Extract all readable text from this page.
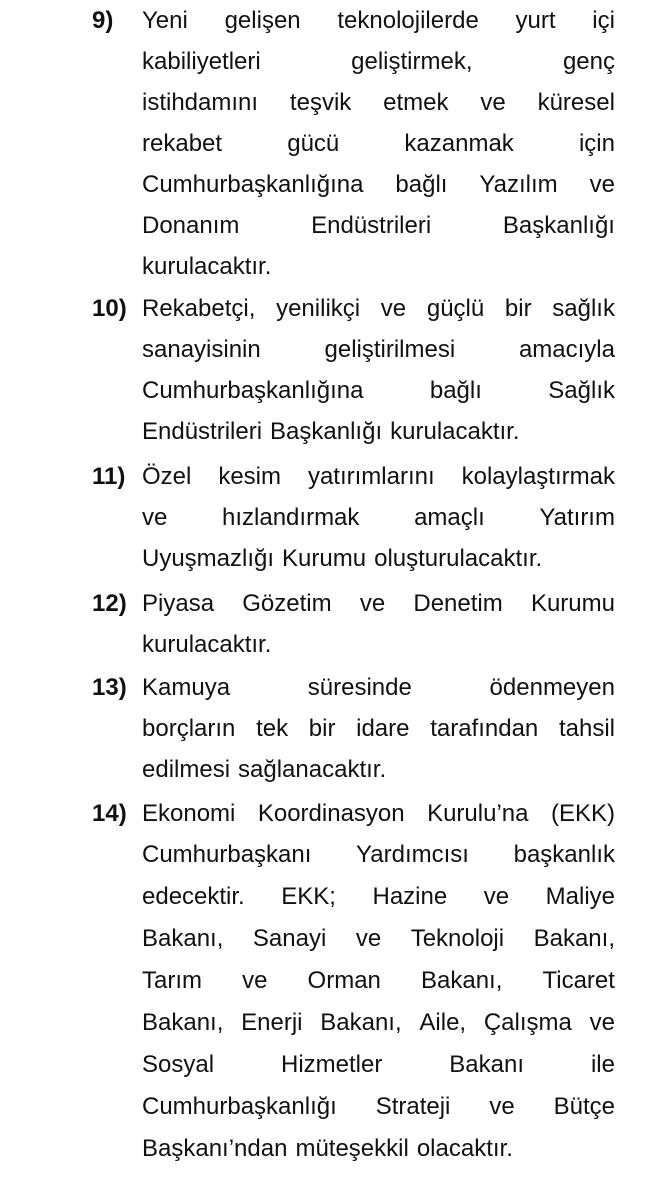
9)	Yeni gelişen teknolojilerde yurt içi
kabiliyetleri	geliştirmek,	genç
istihdamını teşvik etmek ve küresel
rekabet	gücü	kazanmak	için
Cumhurbaşkanlığına bağlı Yazılım ve
Donanım	Endüstrileri	Başkanlığı
kurulacaktır.
10) Rekabetçi, yenilikçi ve güçlü bir sağlık
sanayisinin	geliştirilmesi	amacıyla
Cumhurbaşkanlığına	bağlı	Sağlık
Endüstrileri Başkanlığı kurulacaktır.
11) Özel kesim yatırımlarını kolaylaştırmak
ve hızlandırmak amaçlı Yatırım
Uyuşmazlığı Kurumu oluşturulacaktır.
12) Piyasa Gözetim ve Denetim Kurumu
kurulacaktır.
13) Kamuya	süresinde	ödenmeyen
borçların tek bir idare tarafından tahsil
edilmesi sağlanacaktır.
14) Ekonomi Koordinasyon Kurulu’na (EKK)
Cumhurbaşkanı Yardımcısı başkanlık
edecektir. EKK; Hazine ve Maliye
Bakanı, Sanayi ve Teknoloji Bakanı,
Tarım ve Orman Bakanı, Ticaret
Bakanı, Enerji Bakanı, Aile, Çalışma ve
Sosyal	Hizmetler	Bakanı	ile
Cumhurbaşkanlığı Strateji ve Bütçe
Başkanı’ndan müteşekkil olacaktır.
